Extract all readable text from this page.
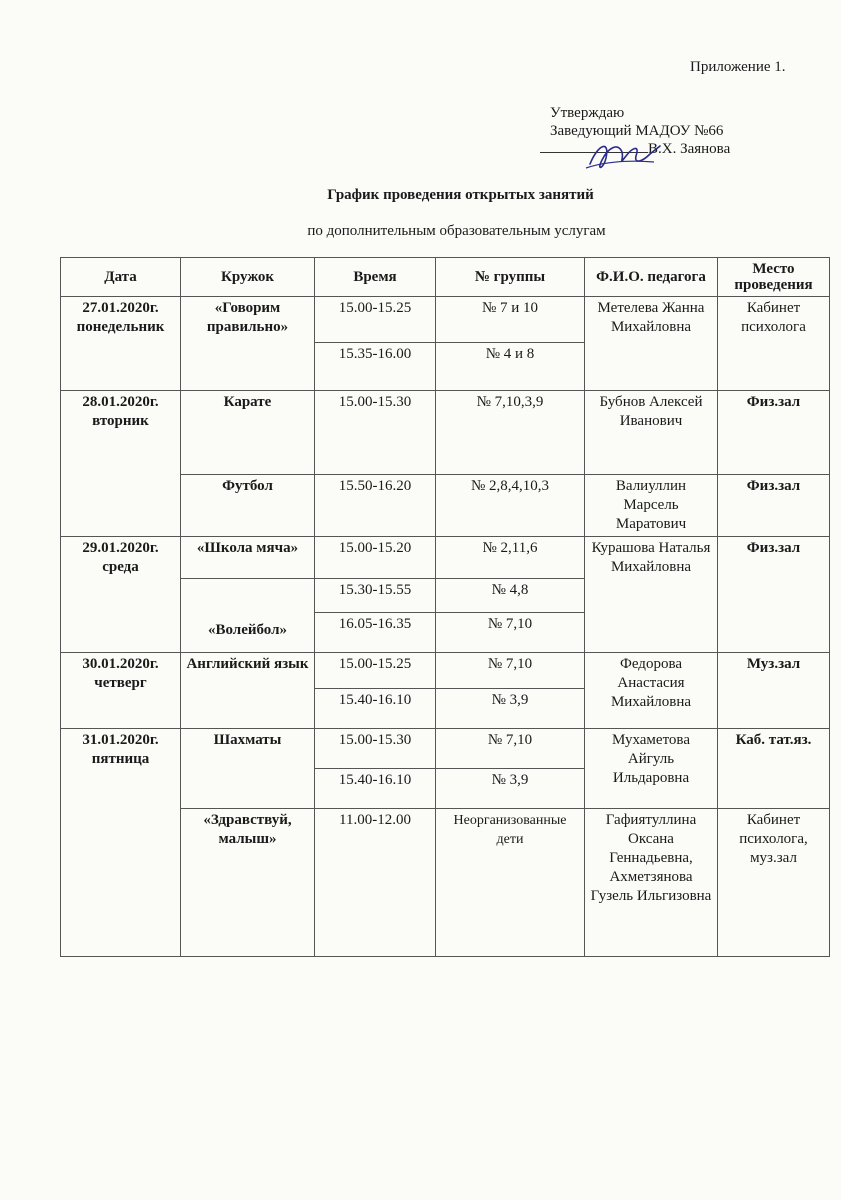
Приложение 1.
Утверждаю
Заведующий МАДОУ №66
В.Х. Заянова
График проведения открытых занятий
по дополнительным образовательным услугам
Дата	Кружок	Время	№ группы	Ф.И.О. педагога	Место проведения
27.01.2020г. понедельник	«Говорим правильно»	15.00-15.25	№ 7 и 10	Метелева Жанна Михайловна	Кабинет психолога
		15.35-16.00	№ 4 и 8		
28.01.2020г. вторник	Карате	15.00-15.30	№ 7,10,3,9	Бубнов Алексей Иванович	Физ.зал
	Футбол	15.50-16.20	№ 2,8,4,10,3	Валиуллин Марсель Маратович	Физ.зал
29.01.2020г. среда	«Школа мяча»	15.00-15.20	№ 2,11,6	Курашова Наталья Михайловна	Физ.зал
	«Волейбол»	15.30-15.55	№ 4,8		
		16.05-16.35	№ 7,10		
30.01.2020г. четверг	Английский язык	15.00-15.25	№ 7,10	Федорова Анастасия Михайловна	Муз.зал
		15.40-16.10	№ 3,9		
31.01.2020г. пятница	Шахматы	15.00-15.30	№ 7,10	Мухаметова Айгуль Ильдаровна	Каб. тат.яз.
		15.40-16.10	№ 3,9		
	«Здравствуй, малыш»	11.00-12.00	Неорганизованные дети	Гафиятуллина Оксана Геннадьевна, Ахметзянова Гузель Ильгизовна	Кабинет психолога, муз.зал
